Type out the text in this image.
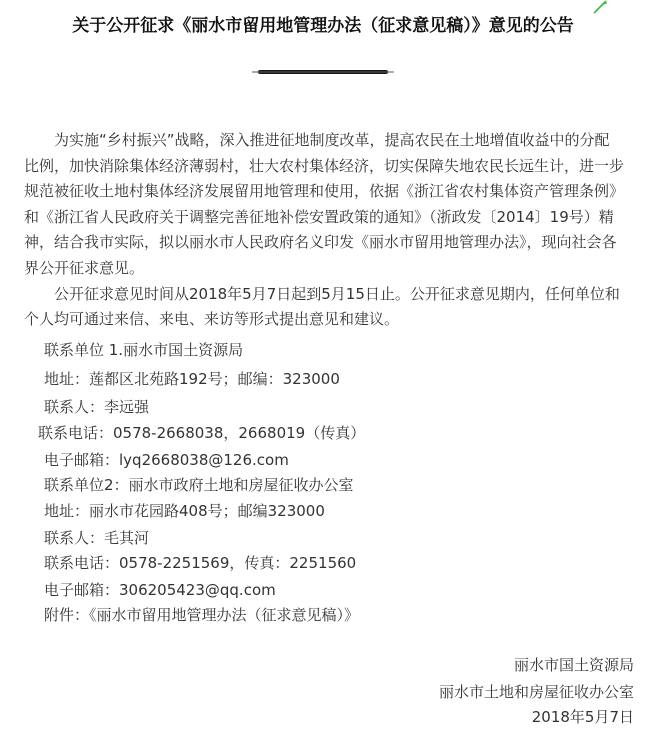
关于公开征求《丽水市留用地管理办法（征求意见稿）》意见的公告

为实施“乡村振兴”战略，深入推进征地制度改革，提高农民在土地增值收益中的分配比例，加快消除集体经济薄弱村，壮大农村集体经济，切实保障失地农民长远生计，进一步规范被征收土地村集体经济发展留用地管理和使用，依据《浙江省农村集体资产管理条例》和《浙江省人民政府关于调整完善征地补偿安置政策的通知》（浙政发〔2014〕19号）精神，结合我市实际，拟以丽水市人民政府名义印发《丽水市留用地管理办法》，现向社会各界公开征求意见。

公开征求意见时间从2018年5月7日起到5月15日止。公开征求意见期内，任何单位和个人均可通过来信、来电、来访等形式提出意见和建议。

联系单位 1.丽水市国土资源局
地址：莲都区北苑路192号；邮编：323000
联系人：李远强
联系电话：0578-2668038，2668019（传真）
电子邮箱：lyq2668038@126.com
联系单位2：丽水市政府土地和房屋征收办公室
地址：丽水市花园路408号；邮编323000
联系人：毛其河
联系电话：0578-2251569，传真：2251560
电子邮箱：306205423@qq.com
附件：《丽水市留用地管理办法（征求意见稿）》
丽水市国土资源局
丽水市土地和房屋征收办公室
2018年5月7日
